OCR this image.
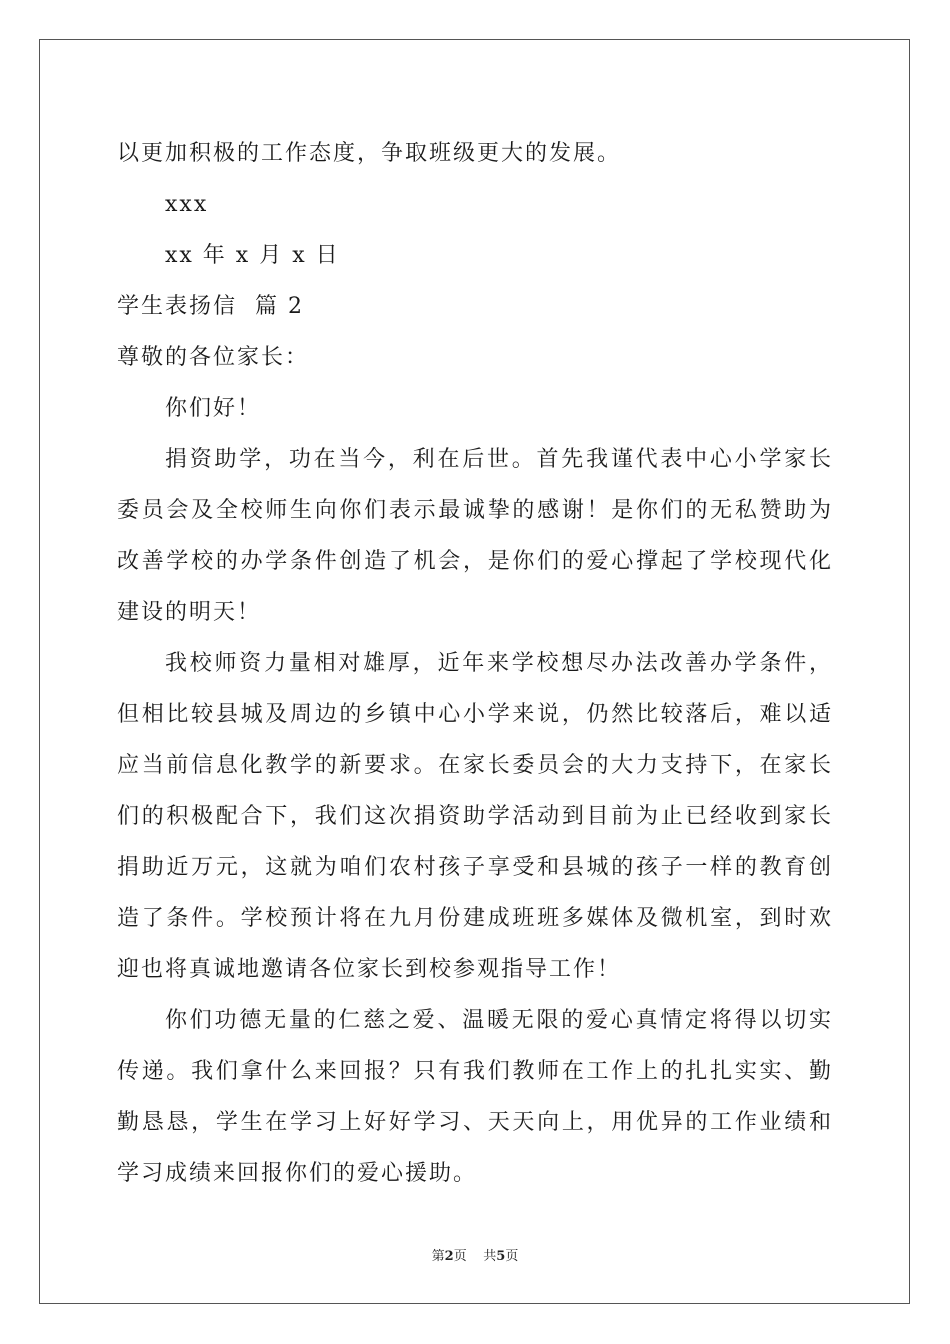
以更加积极的工作态度，争取班级更大的发展。
xxx
xx 年 x 月 x 日
学生表扬信  篇 2
尊敬的各位家长：
你们好！

捐资助学，功在当今，利在后世。首先我谨代表中心小学家长委员会及全校师生向你们表示最诚挚的感谢！是你们的无私赞助为改善学校的办学条件创造了机会，是你们的爱心撑起了学校现代化建设的明天！

我校师资力量相对雄厚，近年来学校想尽办法改善办学条件，但相比较县城及周边的乡镇中心小学来说，仍然比较落后，难以适应当前信息化教学的新要求。在家长委员会的大力支持下，在家长们的积极配合下，我们这次捐资助学活动到目前为止已经收到家长捐助近万元，这就为咱们农村孩子享受和县城的孩子一样的教育创造了条件。学校预计将在九月份建成班班多媒体及微机室，到时欢迎也将真诚地邀请各位家长到校参观指导工作！

你们功德无量的仁慈之爱、温暖无限的爱心真情定将得以切实传递。我们拿什么来回报？只有我们教师在工作上的扎扎实实、勤勤恳恳，学生在学习上好好学习、天天向上，用优异的工作业绩和学习成绩来回报你们的爱心援助。

第2页 共5页
